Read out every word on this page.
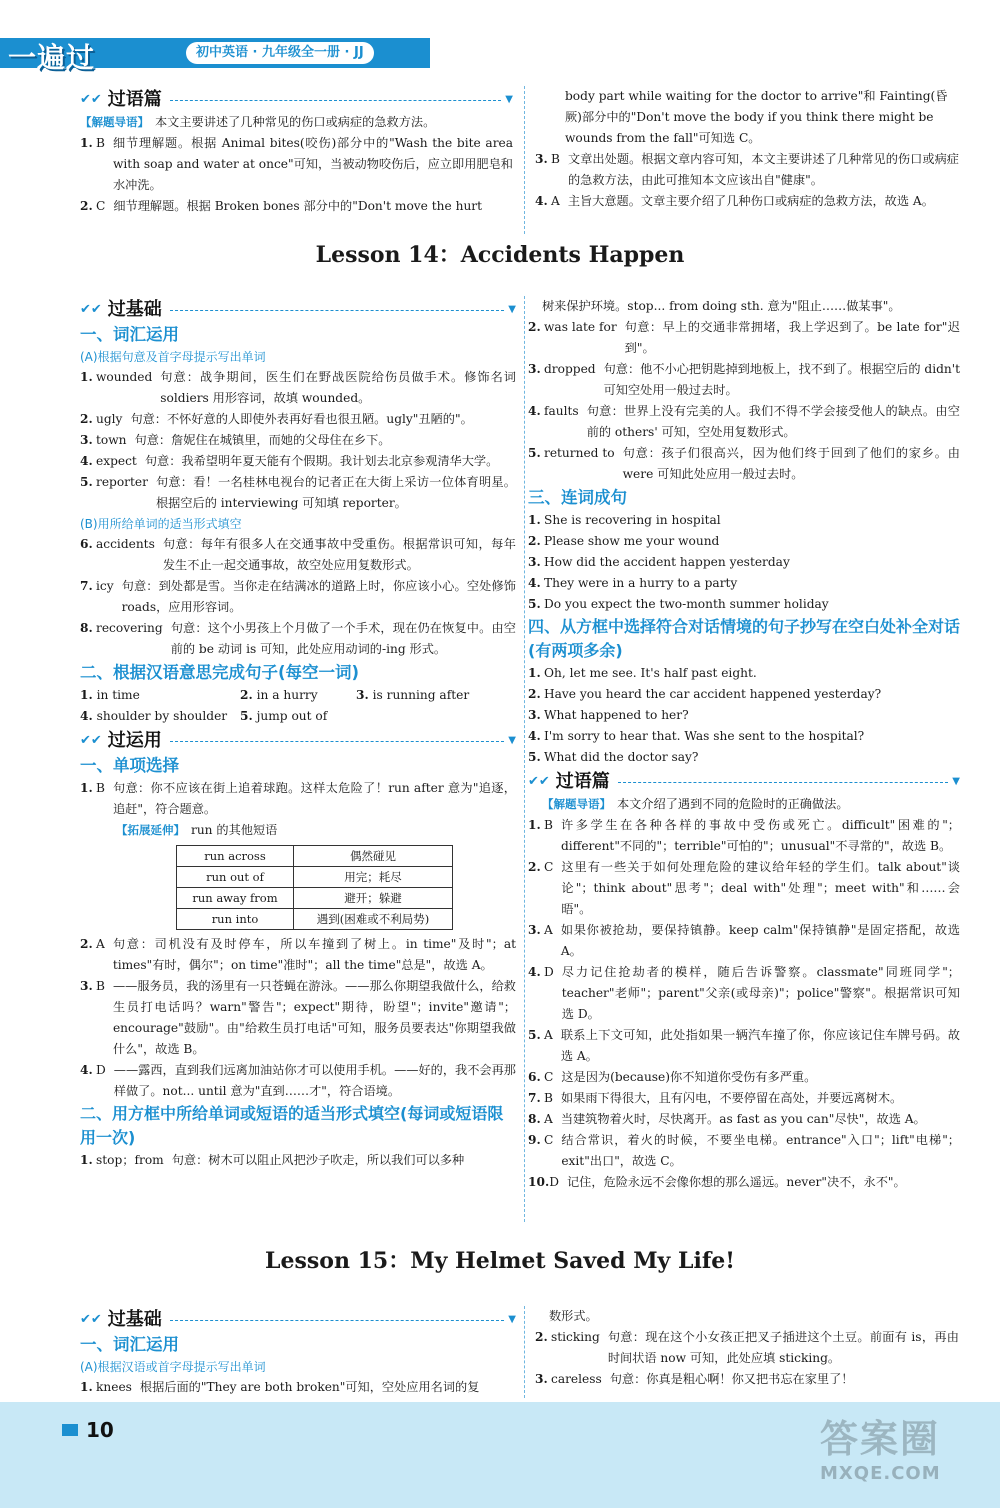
一遍过	初中英语 · 九年级全一册 · JJ
✔✔ 过语篇	▼
【解题导语】 本文主要讲述了几种常见的伤口或病症的急救方法。
1. B 细节理解题。根据 Animal bites(咬伤)部分中的"Wash the bite area with soap and water at once"可知，当被动物咬伤后，应立即用肥皂和水冲洗。
2. C 细节理解题。根据 Broken bones 部分中的"Don't move the hurt
body part while waiting for the doctor to arrive"和 Fainting(昏厥)部分中的"Don't move the body if you think there might be wounds from the fall"可知选 C。
3. B 文章出处题。根据文章内容可知，本文主要讲述了几种常见的伤口或病症的急救方法，由此可推知本文应该出自"健康"。
4. A 主旨大意题。文章主要介绍了几种伤口或病症的急救方法，故选 A。
Lesson 14：Accidents Happen
✔✔ 过基础	▼
一、词汇运用
(A)根据句意及首字母提示写出单词
1. wounded 句意：战争期间，医生们在野战医院给伤员做手术。修饰名词 soldiers 用形容词，故填 wounded。
2. ugly 句意：不怀好意的人即使外表再好看也很丑陋。ugly"丑陋的"。
3. town 句意：詹妮住在城镇里，而她的父母住在乡下。
4. expect 句意：我希望明年夏天能有个假期。我计划去北京参观清华大学。
5. reporter 句意：看！一名桂林电视台的记者正在大街上采访一位体育明星。根据空后的 interviewing 可知填 reporter。
(B)用所给单词的适当形式填空
6. accidents 句意：每年有很多人在交通事故中受重伤。根据常识可知，每年发生不止一起交通事故，故空处应用复数形式。
7. icy 句意：到处都是雪。当你走在结满冰的道路上时，你应该小心。空处修饰 roads，应用形容词。
8. recovering 句意：这个小男孩上个月做了一个手术，现在仍在恢复中。由空前的 be 动词 is 可知，此处应用动词的-ing 形式。
二、根据汉语意思完成句子(每空一词)
1. in time	2. in a hurry	3. is running after
4. shoulder by shoulder	5. jump out of
✔✔ 过运用	▼
一、单项选择
1. B 句意：你不应该在街上追着球跑。这样太危险了！run after 意为"追逐，追赶"，符合题意。
【拓展延伸】 run 的其他短语
run across	偶然碰见
run out of	用完；耗尽
run away from	避开；躲避
run into	遇到(困难或不利局势)
2. A 句意：司机没有及时停车，所以车撞到了树上。in time"及时"；at times"有时，偶尔"；on time"准时"；all the time"总是"，故选 A。
3. B ——服务员，我的汤里有一只苍蝇在游泳。——那么你期望我做什么，给救生员打电话吗？warn"警告"；expect"期待，盼望"；invite"邀请"；encourage"鼓励"。由"给救生员打电话"可知，服务员要表达"你期望我做什么"，故选 B。
4. D ——露西，直到我们远离加油站你才可以使用手机。——好的，我不会再那样做了。not... until 意为"直到……才"，符合语境。
二、用方框中所给单词或短语的适当形式填空(每词或短语限用一次)
1. stop；from 句意：树木可以阻止风把沙子吹走，所以我们可以多种
树来保护环境。stop... from doing sth. 意为"阻止……做某事"。
2. was late for 句意：早上的交通非常拥堵，我上学迟到了。be late for"迟到"。
3. dropped 句意：他不小心把钥匙掉到地板上，找不到了。根据空后的 didn't 可知空处用一般过去时。
4. faults 句意：世界上没有完美的人。我们不得不学会接受他人的缺点。由空前的 others' 可知，空处用复数形式。
5. returned to 句意：孩子们很高兴，因为他们终于回到了他们的家乡。由 were 可知此处应用一般过去时。
三、连词成句
1. She is recovering in hospital
2. Please show me your wound
3. How did the accident happen yesterday
4. They were in a hurry to a party
5. Do you expect the two-month summer holiday
四、从方框中选择符合对话情境的句子抄写在空白处补全对话(有两项多余)
1. Oh, let me see. It's half past eight.
2. Have you heard the car accident happened yesterday?
3. What happened to her?
4. I'm sorry to hear that. Was she sent to the hospital?
5. What did the doctor say?
✔✔ 过语篇	▼
【解题导语】 本文介绍了遇到不同的危险时的正确做法。
1. B 许多学生在各种各样的事故中受伤或死亡。difficult"困难的"；different"不同的"；terrible"可怕的"；unusual"不寻常的"，故选 B。
2. C 这里有一些关于如何处理危险的建议给年轻的学生们。talk about"谈论"；think about"思考"；deal with"处理"；meet with"和……会晤"。
3. A 如果你被抢劫，要保持镇静。keep calm"保持镇静"是固定搭配，故选 A。
4. D 尽力记住抢劫者的模样，随后告诉警察。classmate"同班同学"；teacher"老师"；parent"父亲(或母亲)"；police"警察"。根据常识可知选 D。
5. A 联系上下文可知，此处指如果一辆汽车撞了你，你应该记住车牌号码。故选 A。
6. C 这是因为(because)你不知道你受伤有多严重。
7. B 如果雨下得很大，且有闪电，不要停留在高处，并要远离树木。
8. A 当建筑物着火时，尽快离开。as fast as you can"尽快"，故选 A。
9. C 结合常识，着火的时候，不要坐电梯。entrance"入口"；lift"电梯"；exit"出口"，故选 C。
10. D 记住，危险永远不会像你想的那么遥远。never"决不，永不"。
Lesson 15：My Helmet Saved My Life!
✔✔ 过基础	▼
一、词汇运用
(A)根据汉语或首字母提示写出单词
1. knees 根据后面的"They are both broken"可知，空处应用名词的复
数形式。
2. sticking 句意：现在这个小女孩正把叉子插进这个土豆。前面有 is，再由时间状语 now 可知，此处应填 sticking。
3. careless 句意：你真是粗心啊！你又把书忘在家里了！
10	答案圈
MXQE.COM
